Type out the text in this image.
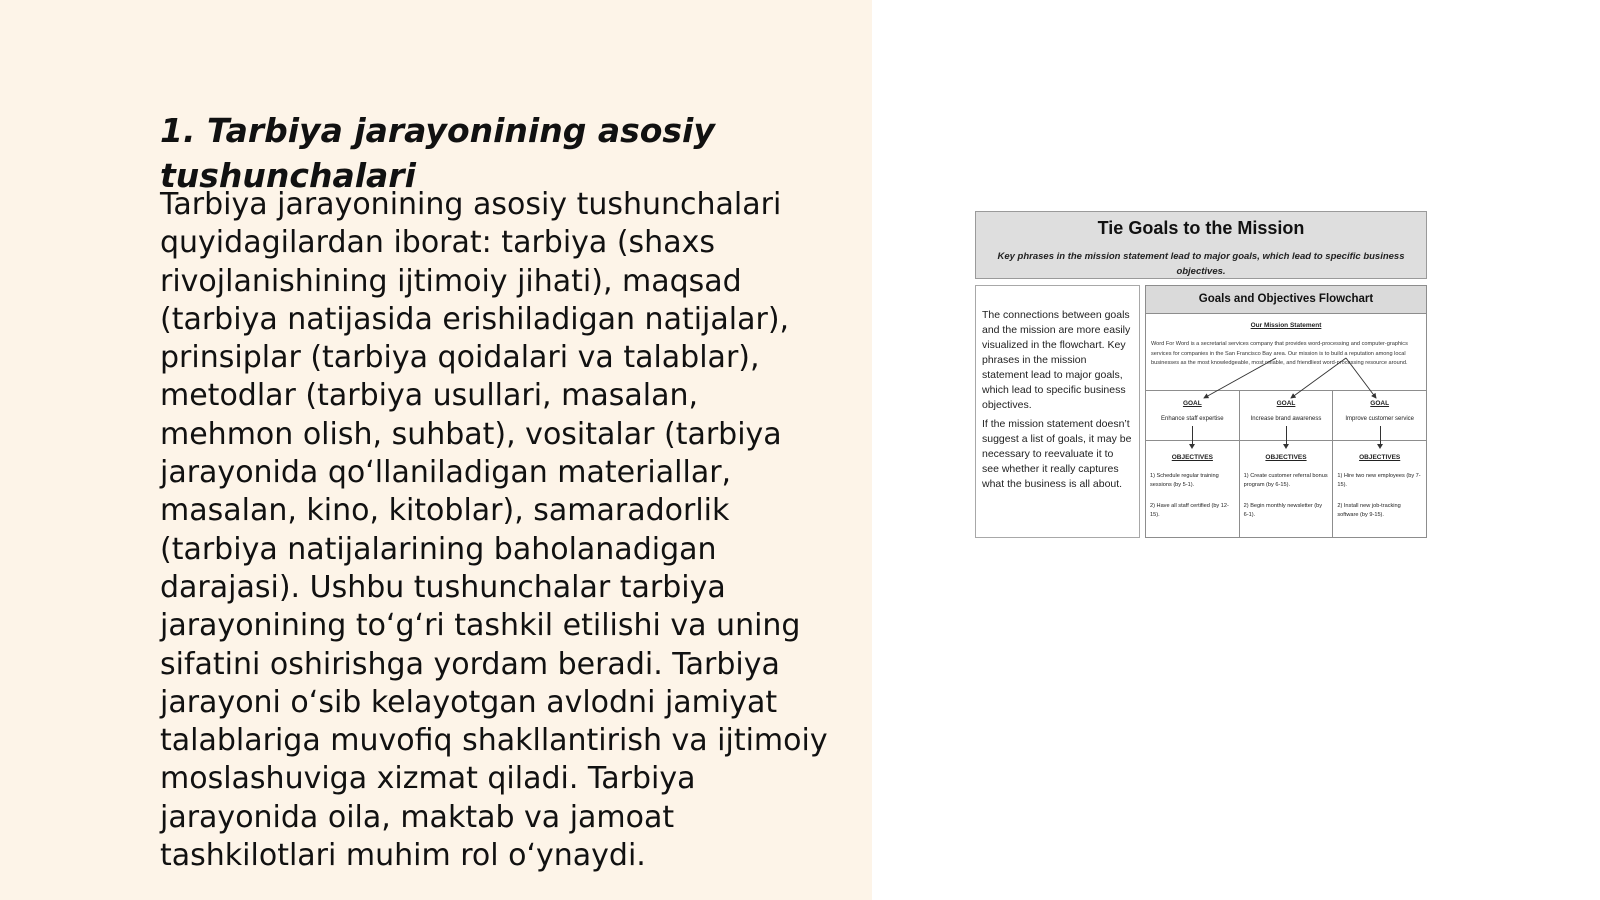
1. Tarbiya jarayonining asosiy tushunchalari

Tarbiya jarayonining asosiy tushunchalari quyidagilardan iborat: tarbiya (shaxs rivojlanishining ijtimoiy jihati), maqsad (tarbiya natijasida erishiladigan natijalar), prinsiplar (tarbiya qoidalari va talablar), metodlar (tarbiya usullari, masalan, mehmon olish, suhbat), vositalar (tarbiya jarayonida qo‘llaniladigan materiallar, masalan, kino, kitoblar), samaradorlik (tarbiya natijalarining baholanadigan darajasi). Ushbu tushunchalar tarbiya jarayonining to‘g‘ri tashkil etilishi va uning sifatini oshirishga yordam beradi. Tarbiya jarayoni o‘sib kelayotgan avlodni jamiyat talablariga muvofiq shakllantirish va ijtimoiy moslashuviga xizmat qiladi. Tarbiya jarayonida oila, maktab va jamoat tashkilotlari muhim rol o‘ynaydi.

Tie Goals to the Mission
Key phrases in the mission statement lead to major goals, which lead to specific business objectives.

The connections between goals and the mission are more easily visualized in the flowchart. Key phrases in the mission statement lead to major goals, which lead to specific business objectives.

If the mission statement doesn’t suggest a list of goals, it may be necessary to reevaluate it to see whether it really captures what the business is all about.

Goals and Objectives Flowchart
Our Mission Statement
Word For Word is a secretarial services company that provides word-processing and computer-graphics services for companies in the San Francisco Bay area. Our mission is to build a reputation among local businesses as the most knowledgeable, most reliable, and friendliest word-processing resource around.
GOAL
Enhance staff expertise
OBJECTIVES
1) Schedule regular training sessions (by 5-1).
2) Have all staff certified (by 12-15).
GOAL
Increase brand awareness
OBJECTIVES
1) Create customer referral bonus program (by 6-15).
2) Begin monthly newsletter (by 6-1).
GOAL
Improve customer service
OBJECTIVES
1) Hire two new employees (by 7-15).
2) Install new job-tracking software (by 9-15).
